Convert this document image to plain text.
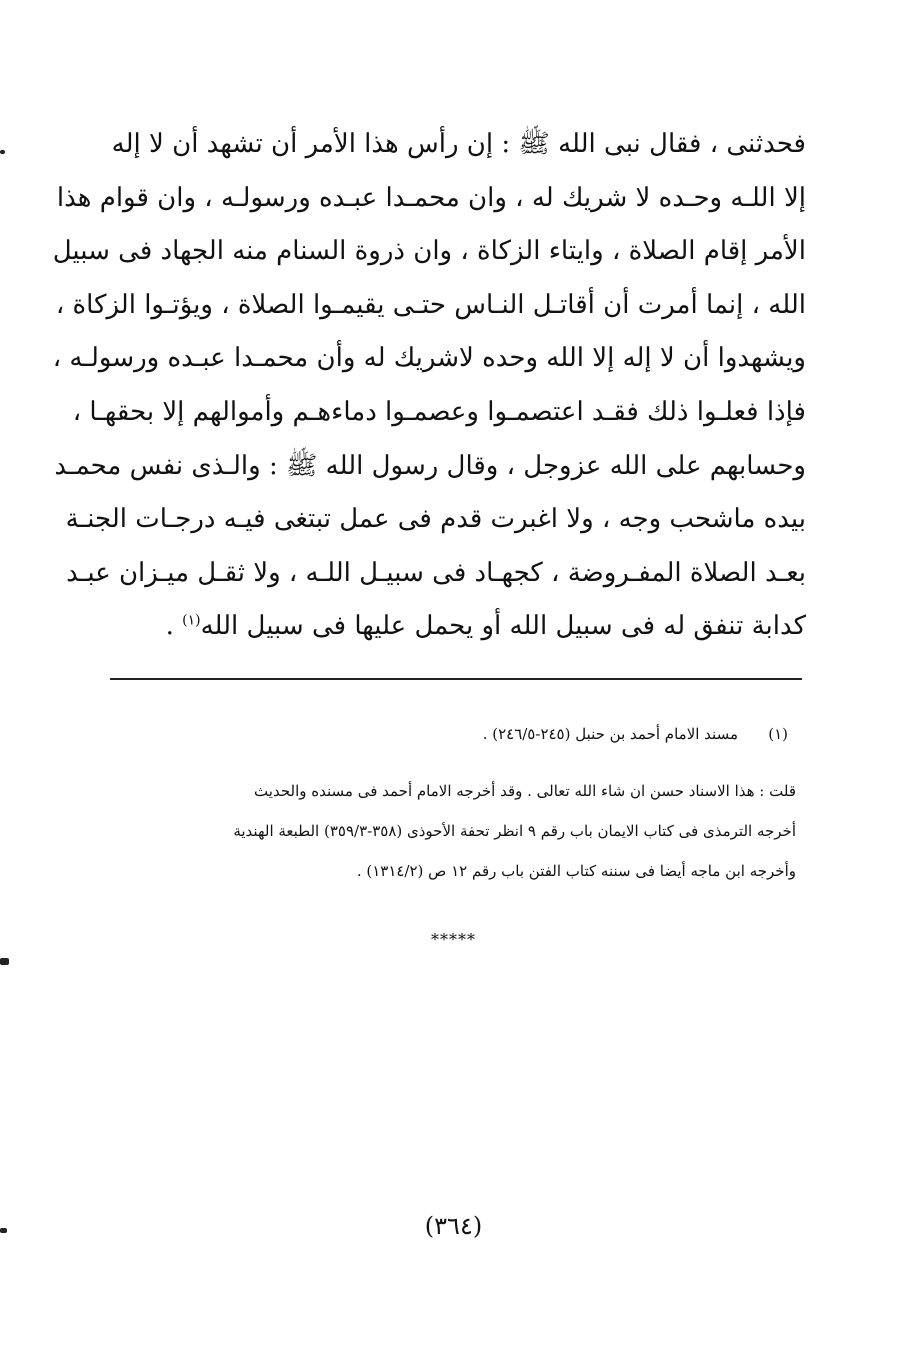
فحدثنى ، فقال نبى الله ﷺ : إن رأس هذا الأمر أن تشهد أن لا إله
إلا اللـه وحـده لا شريك له ، وان محمـدا عبـده ورسولـه ، وان قوام هذا
الأمر إقام الصلاة ، وايتاء الزكاة ، وان ذروة السنام منه الجهاد فى سبيل
الله ، إنما أمرت أن أقاتـل النـاس حتـى يقيمـوا الصلاة ، ويؤتـوا الزكاة ،
ويشهدوا أن لا إله إلا الله وحده لاشريك له وأن محمـدا عبـده ورسولـه ،
فإذا فعلـوا ذلك فقـد اعتصمـوا وعصمـوا دماءهـم وأموالهم إلا بحقهـا ،
وحسابهم على الله عزوجل ، وقال رسول الله ﷺ : والـذى نفس محمـد
بيده ماشحب وجه ، ولا اغبرت قدم فى عمل تبتغى فيـه درجـات الجنـة
بعـد الصلاة المفـروضة ، كجهـاد فى سبيـل اللـه ، ولا ثقـل ميـزان عبـد
كدابة تنفق له فى سبيل الله أو يحمل عليها فى سبيل الله$^{(١)}$ .
(١)مسند الامام أحمد بن حنبل (٢٤٥-٢٤٦/٥) .
قلت : هذا الاسناد حسن ان شاء الله تعالى . وقد أخرجه الامام أحمد فى مسنده والحديث
أخرجه الترمذى فى كتاب الايمان باب رقم ٩ انظر تحفة الأحوذى (٣٥٨-٣٥٩/٣) الطبعة الهندية
وأخرجه ابن ماجه أيضا فى سننه كتاب الفتن باب رقم ١٢ ص (١٣١٤/٢) .
*****
(٣٦٤)
